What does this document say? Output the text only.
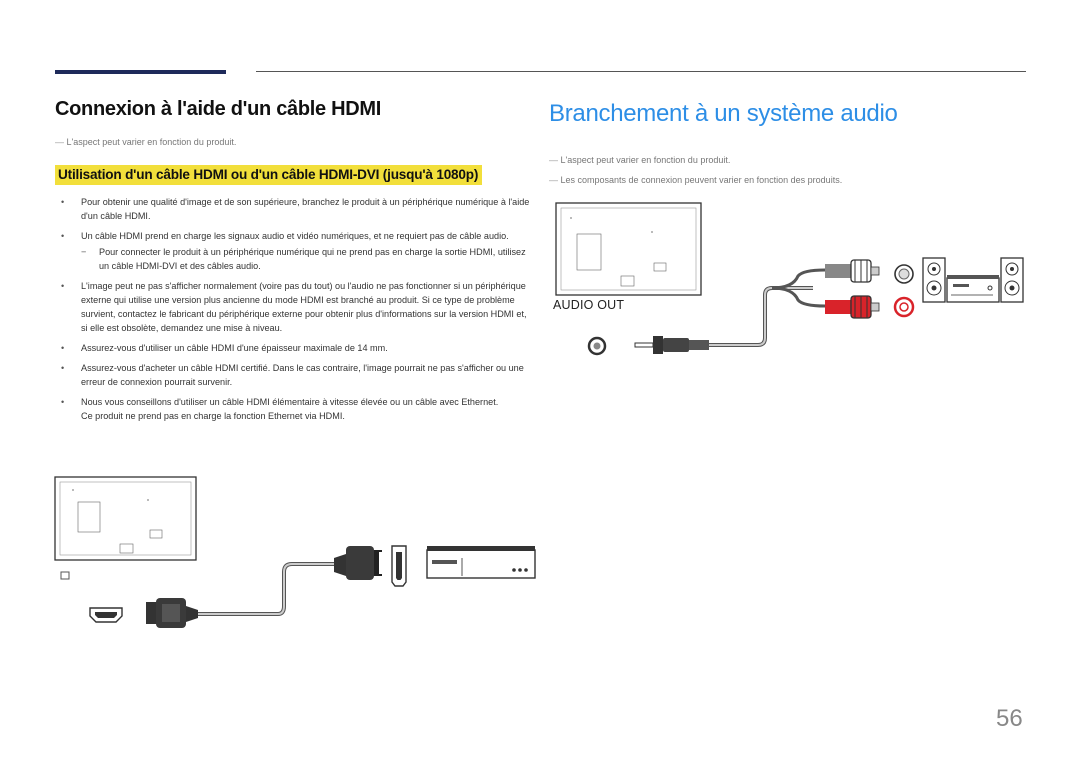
Connexion à l'aide d'un câble HDMI
— L'aspect peut varier en fonction du produit.
Utilisation d'un câble HDMI ou d'un câble HDMI-DVI (jusqu'à 1080p)
• Pour obtenir une qualité d'image et de son supérieure, branchez le produit à un périphérique numérique à l'aide d'un câble HDMI.
• Un câble HDMI prend en charge les signaux audio et vidéo numériques, et ne requiert pas de câble audio.
− Pour connecter le produit à un périphérique numérique qui ne prend pas en charge la sortie HDMI, utilisez un câble HDMI-DVI et des câbles audio.
• L'image peut ne pas s'afficher normalement (voire pas du tout) ou l'audio ne pas fonctionner si un périphérique externe qui utilise une version plus ancienne du mode HDMI est branché au produit. Si ce type de problème survient, contactez le fabricant du périphérique externe pour obtenir plus d'informations sur la version HDMI et, si elle est obsolète, demandez une mise à niveau.
• Assurez-vous d'utiliser un câble HDMI d'une épaisseur maximale de 14 mm.
• Assurez-vous d'acheter un câble HDMI certifié. Dans le cas contraire, l'image pourrait ne pas s'afficher ou une erreur de connexion pourrait survenir.
• Nous vous conseillons d'utiliser un câble HDMI élémentaire à vitesse élevée ou un câble avec Ethernet.
Ce produit ne prend pas en charge la fonction Ethernet via HDMI.
Branchement à un système audio
— L'aspect peut varier en fonction du produit.
— Les composants de connexion peuvent varier en fonction des produits.
AUDIO OUT
56
